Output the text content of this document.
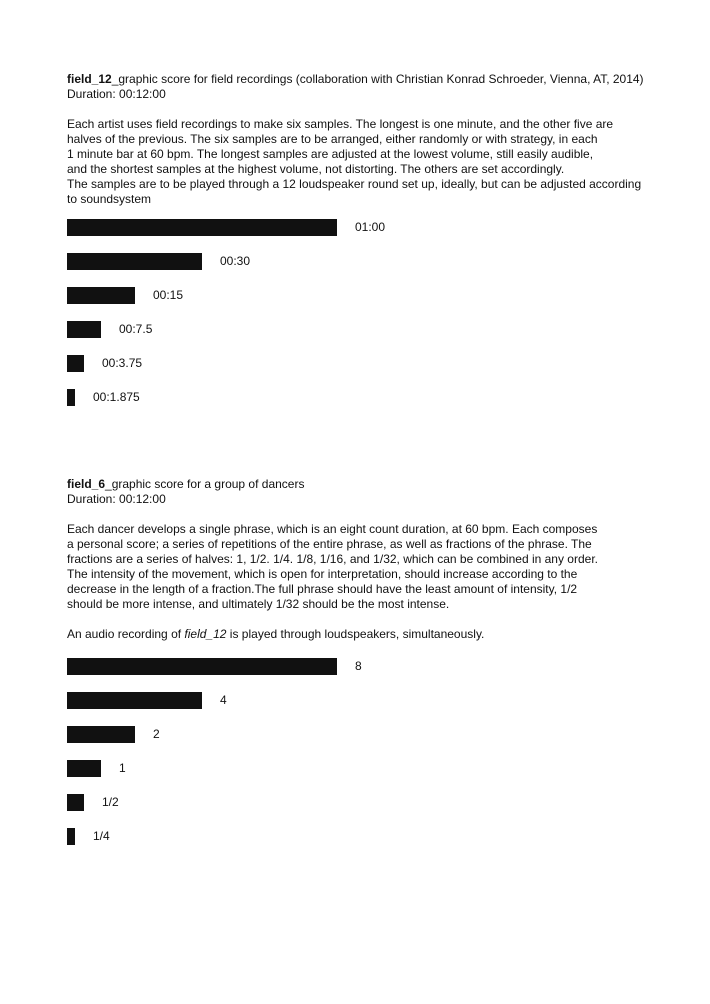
field_12_graphic score for field recordings (collaboration with Christian Konrad Schroeder, Vienna, AT, 2014)

Duration: 00:12:00

Each artist uses field recordings to make six samples. The longest is one minute, and the other five are

halves of the previous. The six samples are to be arranged, either randomly or with strategy, in each

1 minute bar at 60 bpm. The longest samples are adjusted at the lowest volume, still easily audible,

and the shortest samples at the highest volume, not distorting. The others are set accordingly.

The samples are to be played through a 12 loudspeaker round set up, ideally, but can be adjusted according

to soundsystem

01:00
00:30
00:15
00:7.5
00:3.75
00:1.875

field_6_graphic score for a group of dancers

Duration: 00:12:00

Each dancer develops a single phrase, which is an eight count duration, at 60 bpm. Each composes

a personal score; a series of repetitions of the entire phrase, as well as fractions of the phrase. The

fractions are a series of halves: 1, 1/2. 1/4. 1/8, 1/16, and 1/32, which can be combined in any order.

The intensity of the movement, which is open for interpretation, should increase according to the

decrease in the length of a fraction.The full phrase should have the least amount of intensity, 1/2

should be more intense, and ultimately 1/32 should be the most intense.

An audio recording of field_12 is played through loudspeakers, simultaneously.

8
4
2
1
1/2
1/4
